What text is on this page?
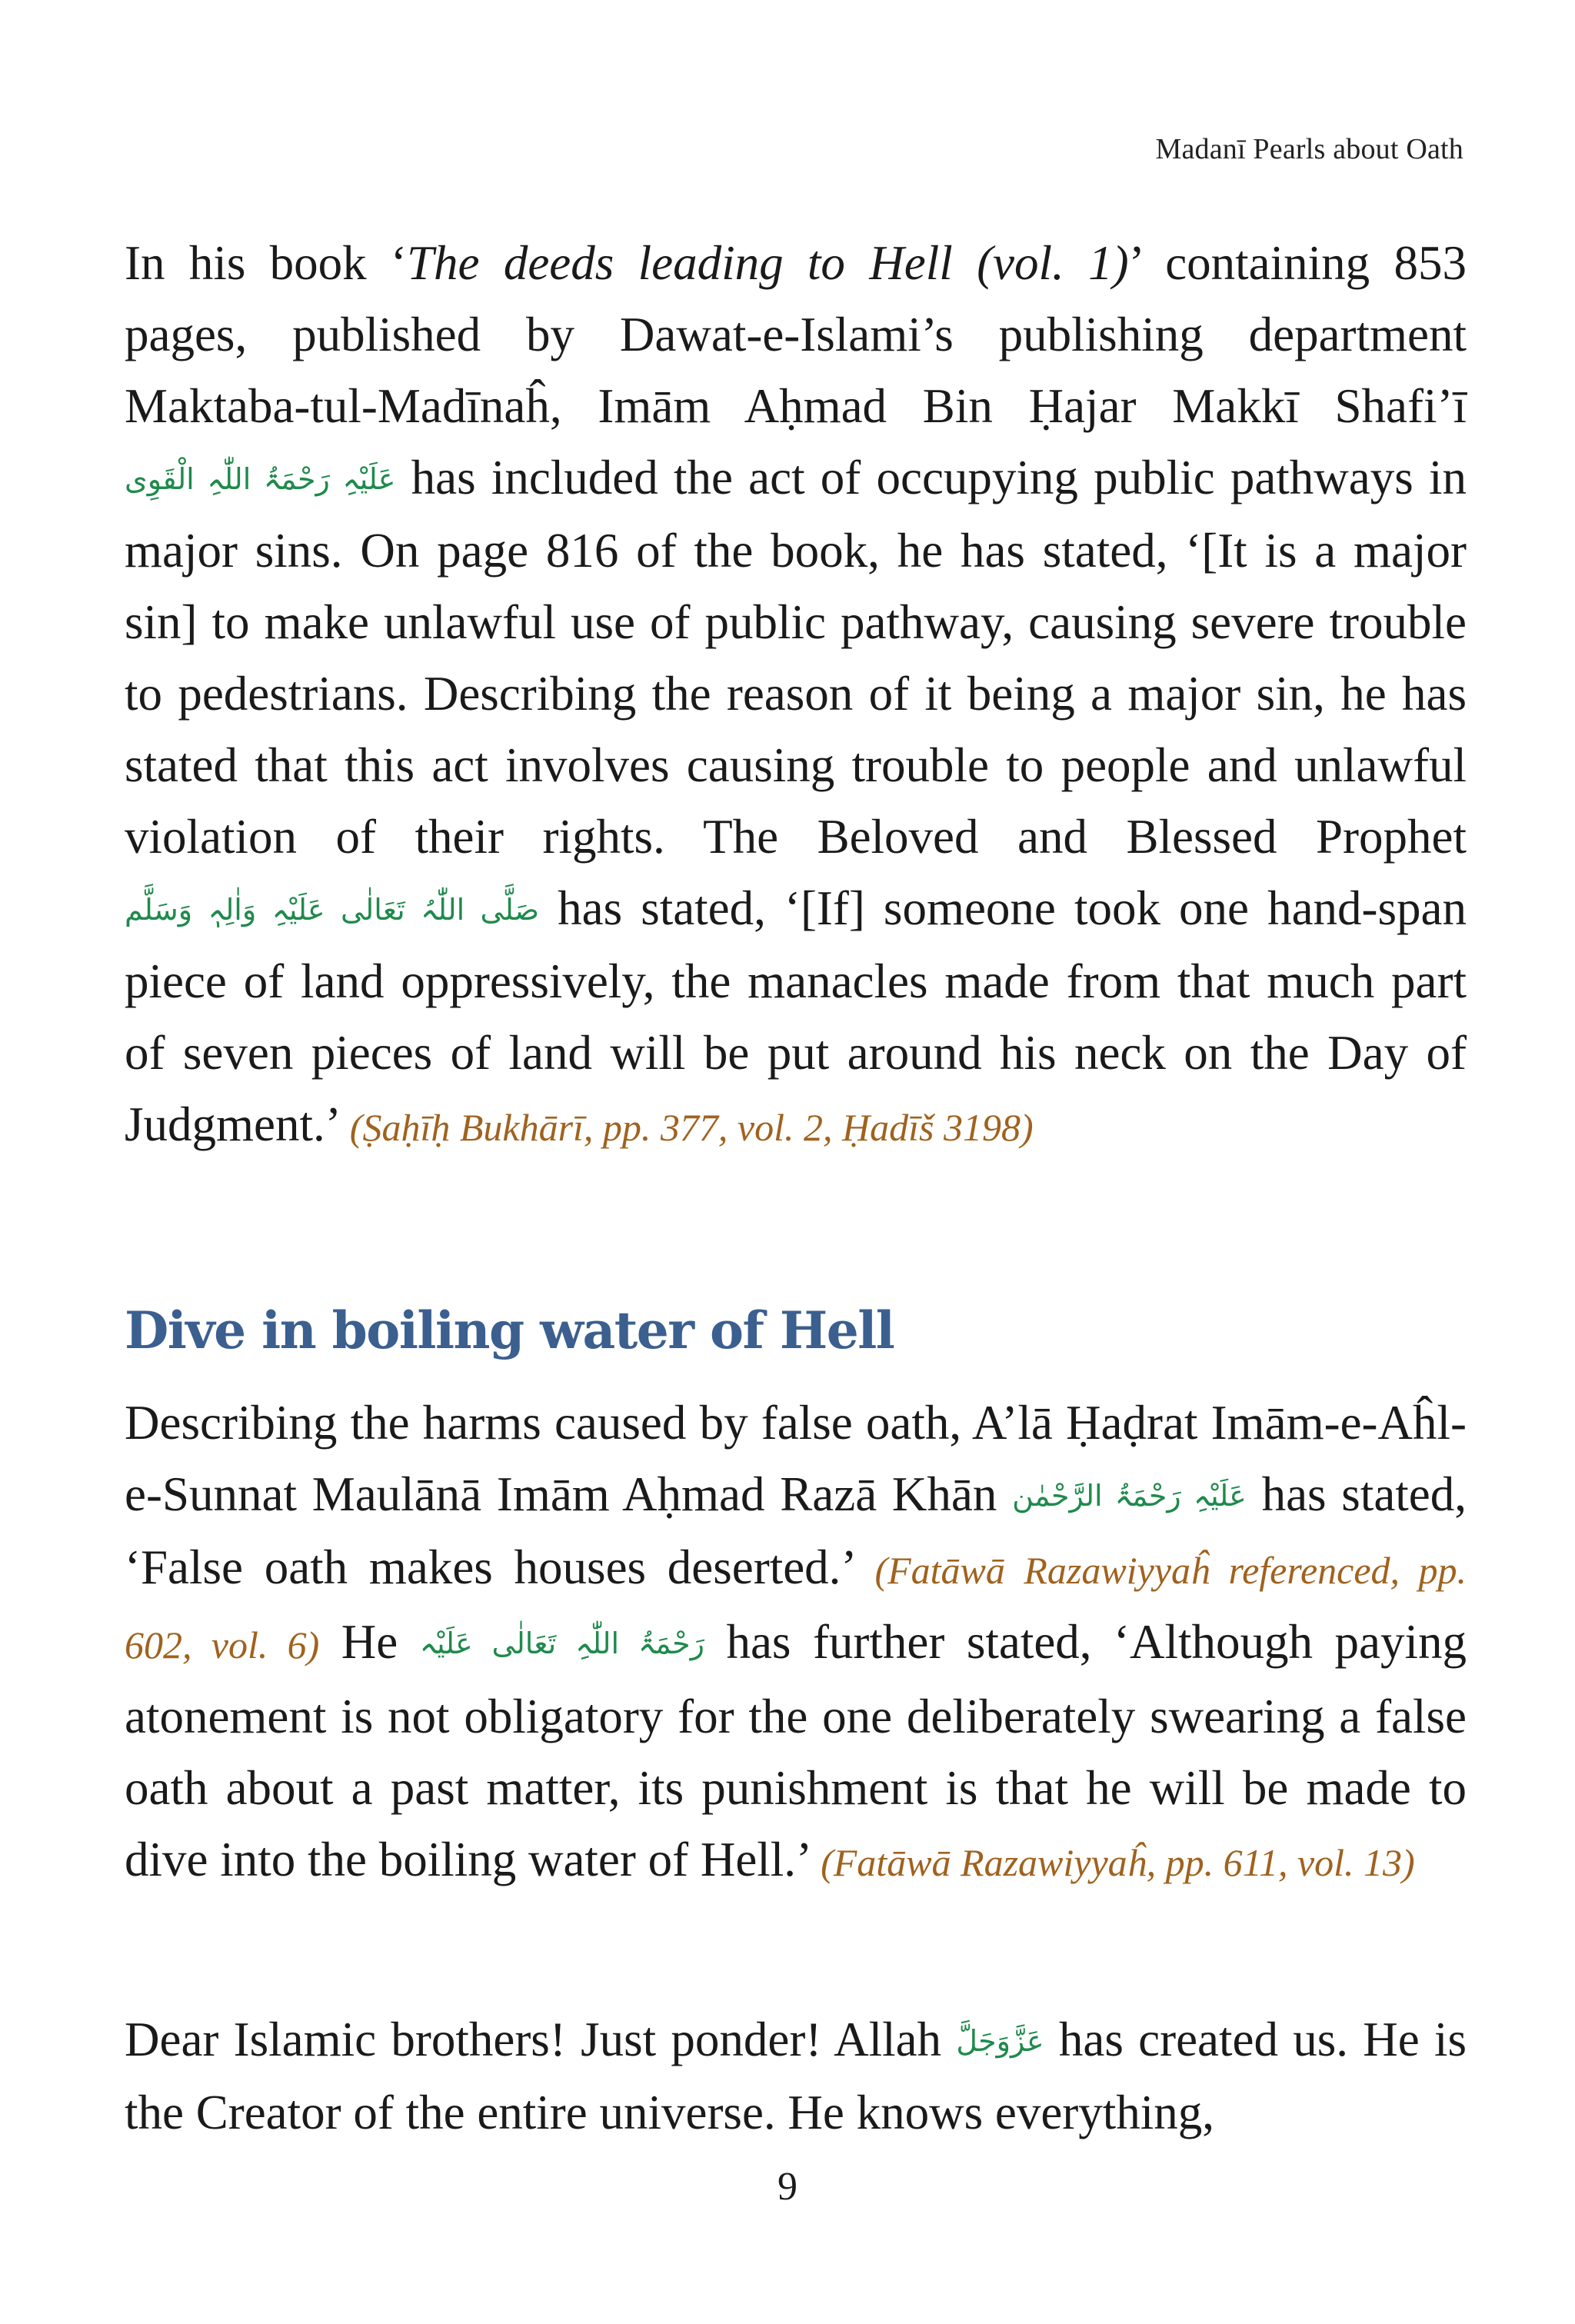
Madanī Pearls about Oath

In his book ‘The deeds leading to Hell (vol. 1)’ containing 853 pages, published by Dawat-e-Islami’s publishing department Maktaba-tul-Madīnaĥ, Imām Aḥmad Bin Ḥajar Makkī Shafi’ī عَلَیْہِ رَحْمَۃُ اللّٰہِ الْقَوِی has included the act of occupying public pathways in major sins. On page 816 of the book, he has stated, ‘[It is a major sin] to make unlawful use of public pathway, causing severe trouble to pedestrians. Describing the reason of it being a major sin, he has stated that this act involves causing trouble to people and unlawful violation of their rights. The Beloved and Blessed Prophet صَلَّی اللّٰہُ تَعَالٰی عَلَیْہِ وَاٰلِہٖ وَسَلَّم has stated, ‘[If] someone took one hand-span piece of land oppressively, the manacles made from that much part of seven pieces of land will be put around his neck on the Day of Judgment.’ (Ṣaḥīḥ Bukhārī, pp. 377, vol. 2, Ḥadīš 3198)

Dive in boiling water of Hell

Describing the harms caused by false oath, A’lā Ḥaḍrat Imām-e-Aĥl-e-Sunnat Maulānā Imām Aḥmad Razā Khān عَلَیْہِ رَحْمَۃُ الرَّحْمٰن has stated, ‘False oath makes houses deserted.’ (Fatāwā Razawiyyaĥ referenced, pp. 602, vol. 6) He رَحْمَۃُ اللّٰہِ تَعَالٰی عَلَیْہ has further stated, ‘Although paying atonement is not obligatory for the one deliberately swearing a false oath about a past matter, its punishment is that he will be made to dive into the boiling water of Hell.’ (Fatāwā Razawiyyaĥ, pp. 611, vol. 13)

Dear Islamic brothers! Just ponder! Allah عَزَّوَجَلَّ has created us. He is the Creator of the entire universe. He knows everything,

9
